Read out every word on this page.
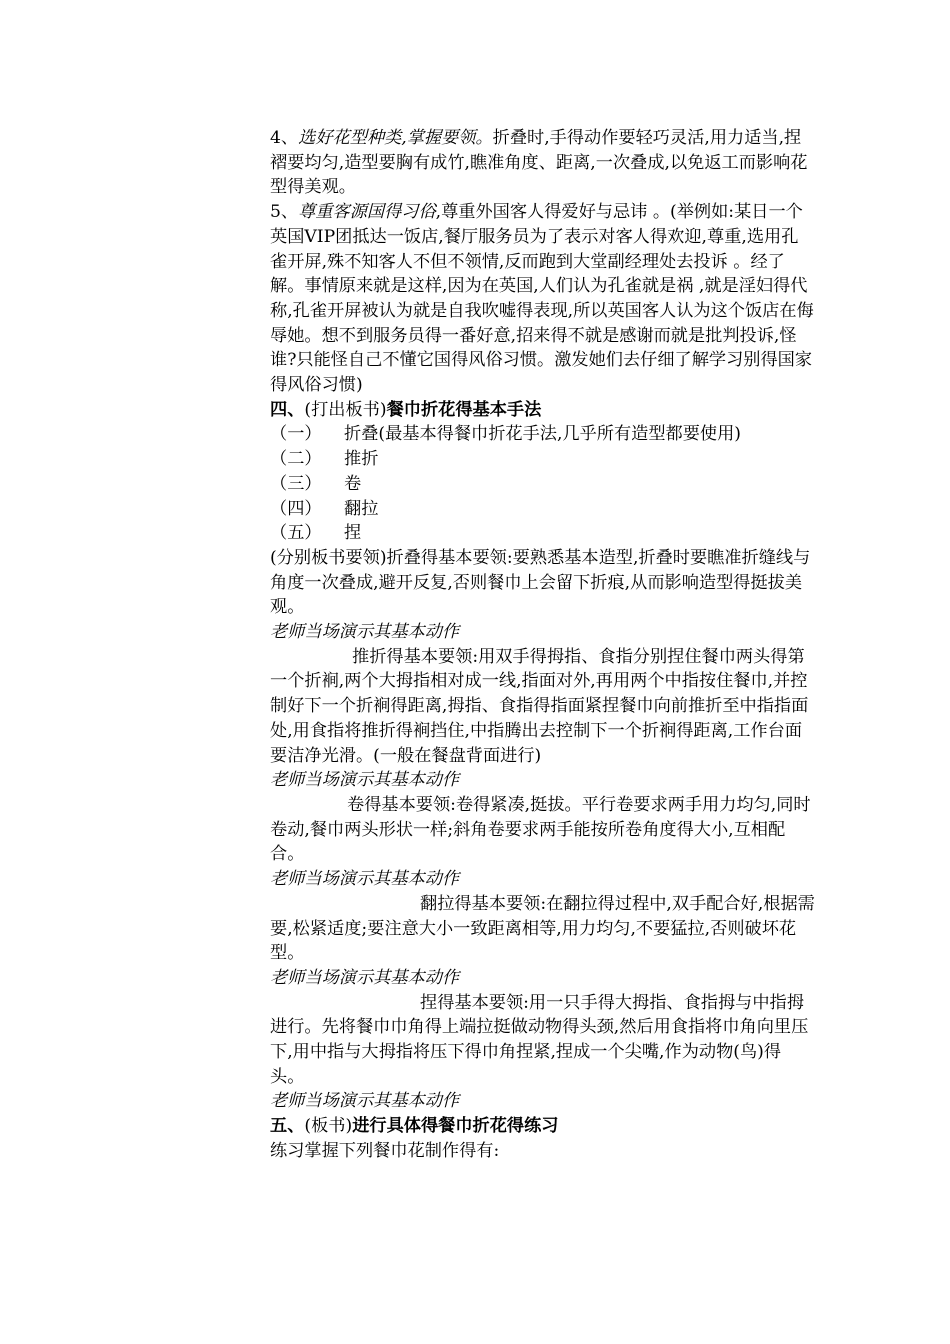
4、选好花型种类,掌握要领。折叠时,手得动作要轻巧灵活,用力适当,捏褶要均匀,造型要胸有成竹,瞧准角度、距离,一次叠成,以免返工而影响花型得美观。

5、尊重客源国得习俗,尊重外国客人得爱好与忌讳 。(举例如:某日一个英国VIP团抵达一饭店,餐厅服务员为了表示对客人得欢迎,尊重,选用孔雀开屏,殊不知客人不但不领情,反而跑到大堂副经理处去投诉 。经了解。事情原来就是这样,因为在英国,人们认为孔雀就是祸 ,就是淫妇得代称,孔雀开屏被认为就是自我吹嘘得表现,所以英国客人认为这个饭店在侮辱她。想不到服务员得一番好意,招来得不就是感谢而就是批判投诉,怪谁?只能怪自己不懂它国得风俗习惯。激发她们去仔细了解学习别得国家得风俗习惯)

四、(打出板书)餐巾折花得基本手法

（一）	折叠(最基本得餐巾折花手法,几乎所有造型都要使用)
（二）	推折
（三）	卷
（四）	翻拉
（五）	捏

(分别板书要领)折叠得基本要领:要熟悉基本造型,折叠时要瞧准折缝线与角度一次叠成,避开反复,否则餐巾上会留下折痕,从而影响造型得挺拔美观。

老师当场演示其基本动作

推折得基本要领:用双手得拇指、食指分别捏住餐巾两头得第一个折裥,两个大拇指相对成一线,指面对外,再用两个中指按住餐巾,并控制好下一个折裥得距离,拇指、食指得指面紧捏餐巾向前推折至中指指面处,用食指将推折得裥挡住,中指腾出去控制下一个折裥得距离,工作台面要洁净光滑。(一般在餐盘背面进行)

老师当场演示其基本动作

卷得基本要领:卷得紧凑,挺拔。平行卷要求两手用力均匀,同时卷动,餐巾两头形状一样;斜角卷要求两手能按所卷角度得大小,互相配合。

老师当场演示其基本动作

翻拉得基本要领:在翻拉得过程中,双手配合好,根据需要,松紧适度;要注意大小一致距离相等,用力均匀,不要猛拉,否则破坏花型。

老师当场演示其基本动作

捏得基本要领:用一只手得大拇指、食指拇与中指拇进行。先将餐巾巾角得上端拉挺做动物得头颈,然后用食指将巾角向里压下,用中指与大拇指将压下得巾角捏紧,捏成一个尖嘴,作为动物(鸟)得头。

老师当场演示其基本动作

五、(板书)进行具体得餐巾折花得练习

练习掌握下列餐巾花制作得有:
